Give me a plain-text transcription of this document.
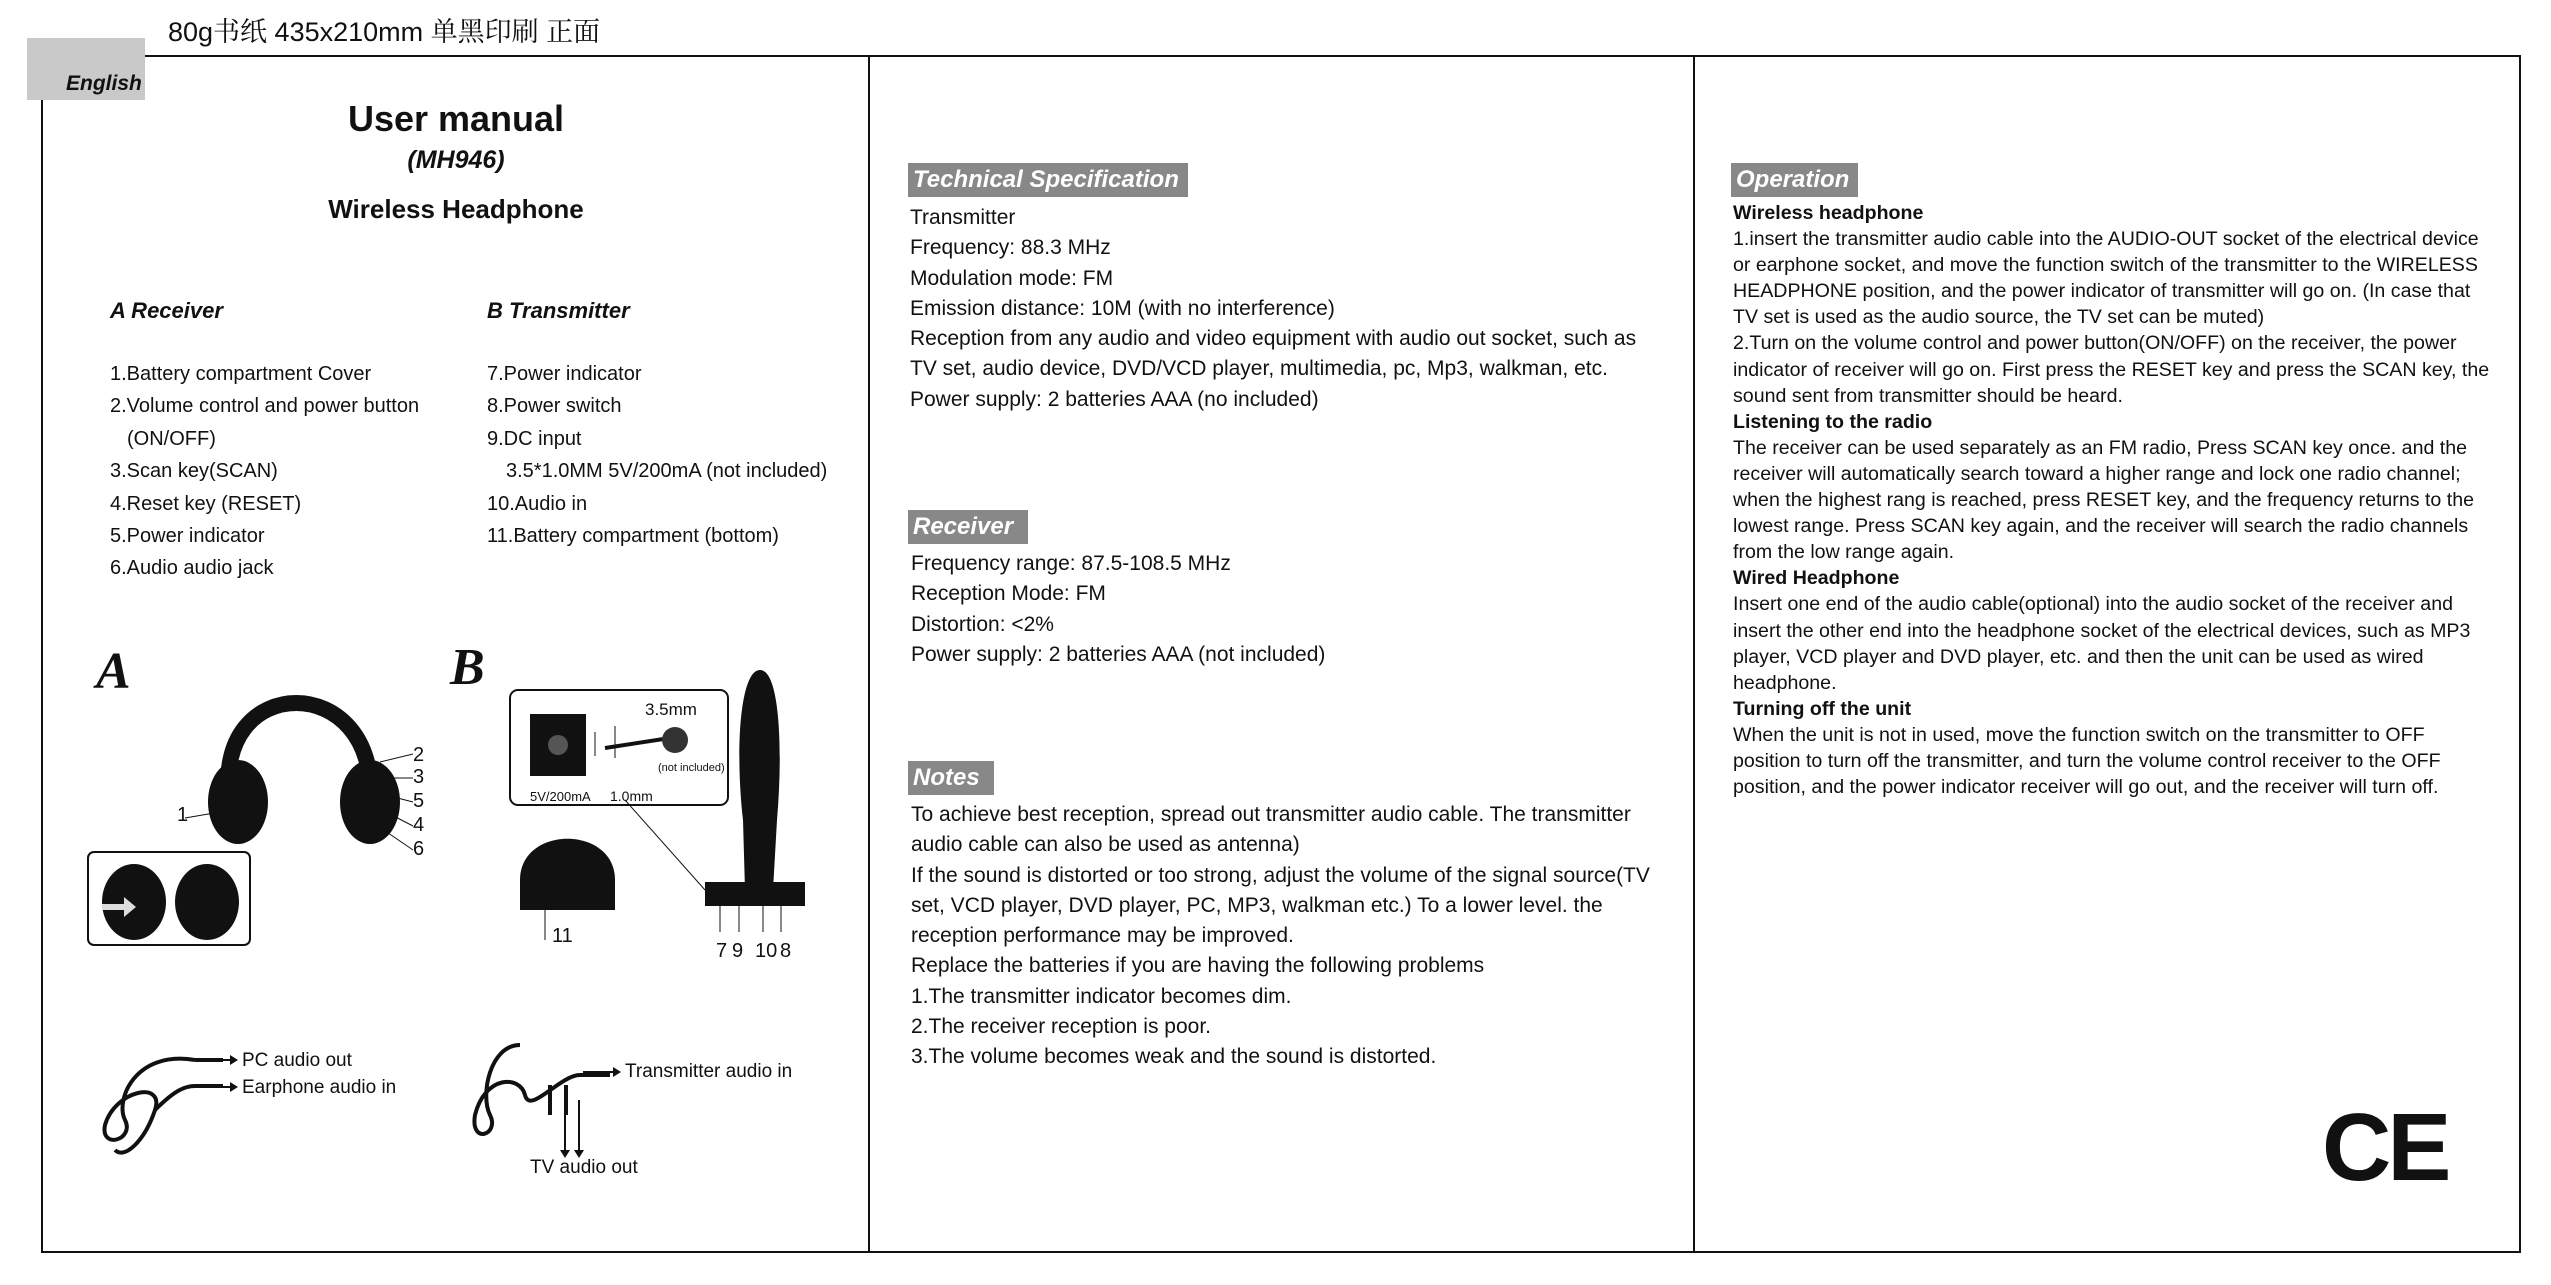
80g书纸 435x210mm 单黑印刷 正面
English
User manual
(MH946)
Wireless Headphone
A Receiver	B Transmitter
1.Battery compartment Cover
2.Volume control and power button
(ON/OFF)
3.Scan key(SCAN)
4.Reset key (RESET)
5.Power indicator
6.Audio audio jack
7.Power indicator
8.Power switch
9.DC input
3.5*1.0MM 5V/200mA (not included)
10.Audio in
11.Battery compartment (bottom)
A
1
2
3
5
4
6
B
3.5mm
(not included)
5V/200mA 1.0mm
11
7 9 10 8
PC audio out
Earphone audio in
Transmitter audio in
TV audio out
Technical Specification
Transmitter
Frequency: 88.3 MHz
Modulation mode: FM
Emission distance: 10M (with no interference)
Reception from any audio and video equipment with audio out socket, such as
TV set, audio device, DVD/VCD player, multimedia, pc, Mp3, walkman, etc.
Power supply: 2 batteries AAA (no included)
Receiver
Frequency range: 87.5-108.5 MHz
Reception Mode: FM
Distortion: <2%
Power supply: 2 batteries AAA (not included)
Notes
To achieve best reception, spread out transmitter audio cable. The transmitter
audio cable can also be used as antenna)
If the sound is distorted or too strong, adjust the volume of the signal source(TV
set, VCD player, DVD player, PC, MP3, walkman etc.) To a lower level. the
reception performance may be improved.
Replace the batteries if you are having the following problems
1.The transmitter indicator becomes dim.
2.The receiver reception is poor.
3.The volume becomes weak and the sound is distorted.
Operation
Wireless headphone
1.insert the transmitter audio cable into the AUDIO-OUT socket of the electrical device
or earphone socket, and move the function switch of the transmitter to the WIRELESS
HEADPHONE position, and the power indicator of transmitter will go on. (In case that
TV set is used as the audio source, the TV set can be muted)
2.Turn on the volume control and power button(ON/OFF) on the receiver, the power
indicator of receiver will go on. First press the RESET key and press the SCAN key, the
sound sent from transmitter should be heard.
Listening to the radio
The receiver can be used separately as an FM radio, Press SCAN key once. and the
receiver will automatically search toward a higher range and lock one radio channel;
when the highest rang is reached, press RESET key, and the frequency returns to the
lowest range. Press SCAN key again, and the receiver will search the radio channels
from the low range again.
Wired Headphone
Insert one end of the audio cable(optional) into the audio socket of the receiver and
insert the other end into the headphone socket of the electrical devices, such as MP3
player, VCD player and DVD player, etc. and then the unit can be used as wired
headphone.
Turning off the unit
When the unit is not in used, move the function switch on the transmitter to OFF
position to turn off the transmitter, and turn the volume control receiver to the OFF
position, and the power indicator receiver will go out, and the receiver will turn off.
CE
